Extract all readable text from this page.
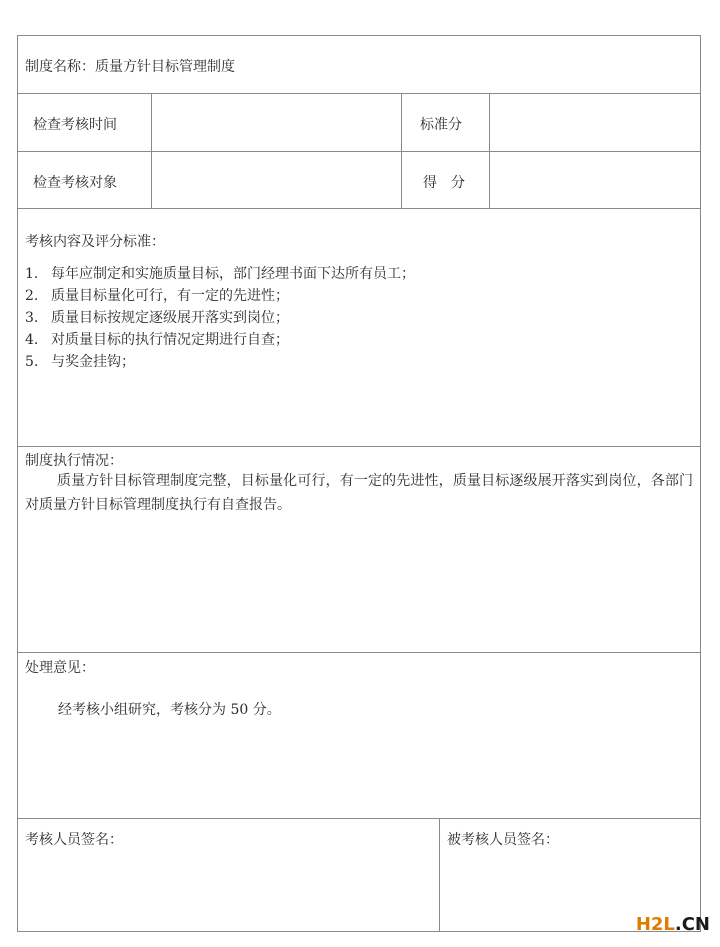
制度名称：质量方针目标管理制度
检查考核时间	标准分
检查考核对象	得　分
考核内容及评分标准：
1. 每年应制定和实施质量目标，部门经理书面下达所有员工；
2. 质量目标量化可行，有一定的先进性；
3. 质量目标按规定逐级展开落实到岗位；
4. 对质量目标的执行情况定期进行自查；
5. 与奖金挂钩；
制度执行情况：

质量方针目标管理制度完整，目标量化可行，有一定的先进性，质量目标逐级展开落实到岗位，各部门对质量方针目标管理制度执行有自查报告。

处理意见：
经考核小组研究，考核分为 50 分。
考核人员签名：	被考核人员签名：
H2L.CN
